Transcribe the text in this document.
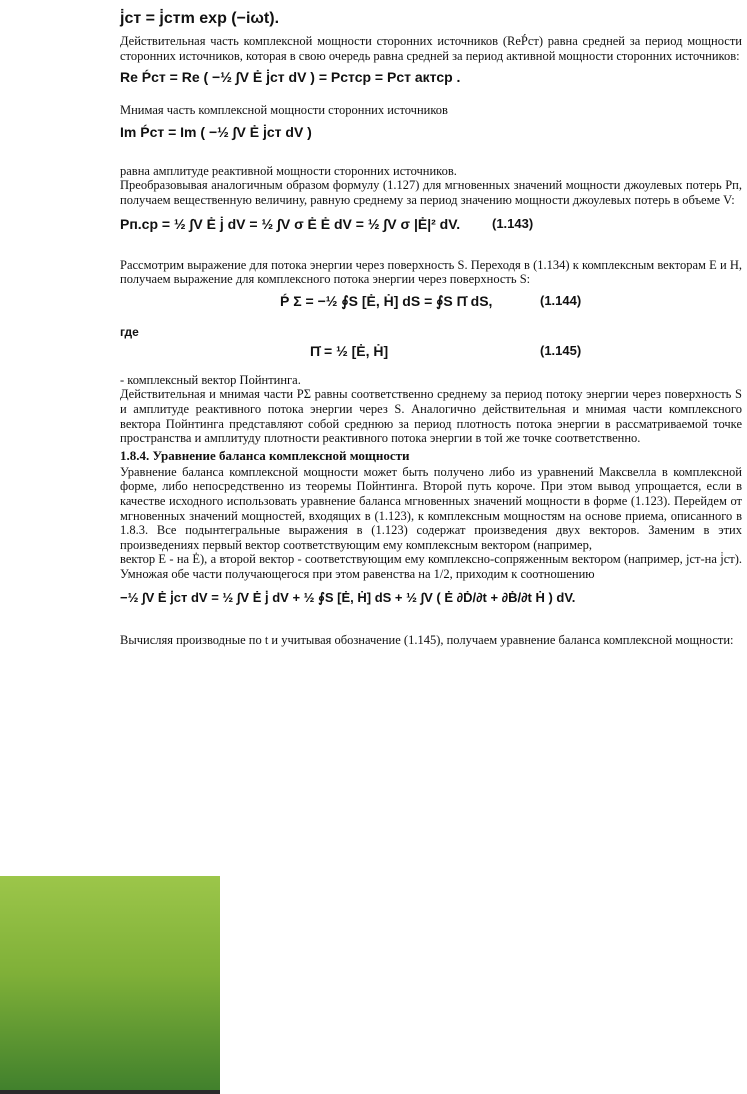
j̇ст = j̇стm exp (−iωt).

Действительная часть комплексной мощности сторонних источников (ReṔст) равна средней за период мощности сторонних источников, которая в свою очередь равна средней за период активной мощности сторонних источников:

Re Ṕст = Re ( −½ ∫V Ė j̇ст dV ) = Pстср = Pст актср .

Мнимая часть комплексной мощности сторонних источников

Im Ṕст = Im ( −½ ∫V Ė j̇ст dV )

равна амплитуде реактивной мощности сторонних источников.

Преобразовывая аналогичным образом формулу (1.127) для мгновенных значений мощности джоулевых потерь Pп, получаем вещественную величину, равную среднему за период значению мощности джоулевых потерь в объеме V:

Pп.ср = ½ ∫V Ė j̇ dV = ½ ∫V σ Ė Ė dV = ½ ∫V σ |Ė|² dV. (1.143)

Рассмотрим выражение для потока энергии через поверхность S. Переходя в (1.134) к комплексным векторам E и H, получаем выражение для комплексного потока энергии через поверхность S:

Ṕ Σ = −½ ∮S [Ė, Ḣ] dS = ∮S Π̇ dS,	(1.144)
где
Π̇ = ½ [Ė, Ḣ]	(1.145)

- комплексный вектор Пойнтинга.

Действительная и мнимая части PΣ равны соответственно среднему за период потоку энергии через поверхность S и амплитуде реактивного потока энергии через S. Аналогично действительная и мнимая части комплексного вектора Пойнтинга представляют собой среднюю за период плотность потока энергии в рассматриваемой точке пространства и амплитуду плотности реактивного потока энергии в той же точке соответственно.

1.8.4. Уравнение баланса комплексной мощности

Уравнение баланса комплексной мощности может быть получено либо из уравнений Максвелла в комплексной форме, либо непосредственно из теоремы Пойнтинга. Второй путь короче. При этом вывод упрощается, если в качестве исходного использовать уравнение баланса мгновенных значений мощности в форме (1.123). Перейдем от мгновенных значений мощностей, входящих в (1.123), к комплексным мощностям на основе приема, описанного в 1.8.3. Все подынтегральные выражения в (1.123) содержат произведения двух векторов. Заменим в этих произведениях первый вектор соответствующим ему комплексным вектором (например,

вектор E - на Ė), а второй вектор - соответствующим ему комплексно-сопряженным вектором (например, jст-на j̇ст). Умножая обе части получающегося при этом равенства на 1/2, приходим к соотношению

−½ ∫V Ė j̇ст dV = ½ ∫V Ė j̇ dV + ½ ∮S [Ė, Ḣ] dS + ½ ∫V ( Ė ∂Ḋ/∂t + ∂Ḃ/∂t Ḣ ) dV.

Вычисляя производные по t и учитывая обозначение (1.145), получаем уравнение баланса комплексной мощности:
